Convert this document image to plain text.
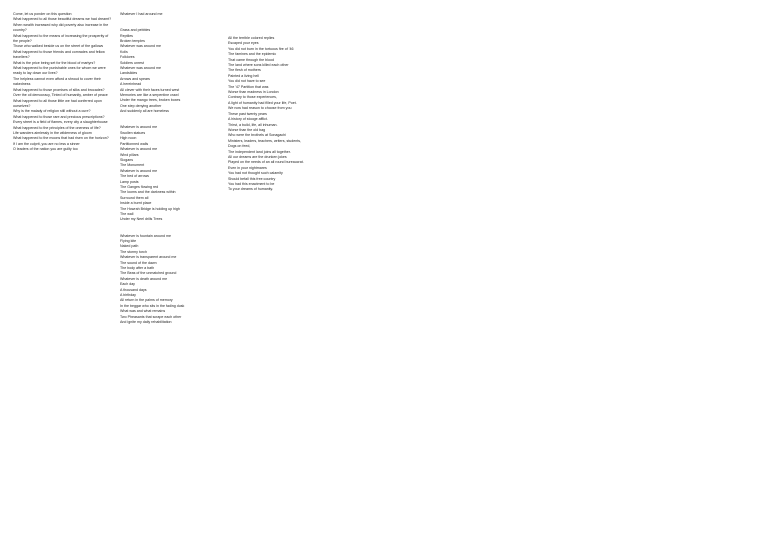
Come, let us ponder on this question
What happened to all those beautiful dreams we had dreamt?
When wealth increased why did poverty also increase in the country?
What happened to the means of increasing the prosperity of the people?
Those who walked beside us on the street of the gallows
What happened to those friends and comrades and fellow travellers?
What is the price being set for the blood of martyrs?
What happened to the punishable ones for whom we were ready to lay down our lives?
The helpless cannot even afford a shroud to cover their nakedness
What happened to those promises of silks and brocades?
Over the oil democracy, Tinted of humanity, amber of peace
What happened to all those little we had conferred upon ourselves?
Why is the malady of religion still without a cure?
What happened to those rare and precious prescriptions?
Every street is a field of flames, every city a slaughterhouse
What happened to the principles of the oneness of life?
Life wanders aimlessly in the wilderness of gloom
What happened to the moons that had risen on the horizon?
If I am the culprit, you are no less a sinner
O leaders of the nation you are guilty too
Whatever I had around me
Grass and pebbles
Reptiles
Broken temples
Whatever was around me
Kolis
Folklores
Soldiers unrest
Whatever was around me
Landslides
Arrows and spears
A hereinhead
All clever with their faces turned west
Memories are like a serpentine crawl
Under the mango trees, broken boxes
One step denying another
And suddenly all are homeless
Whatever is around me
Swollen statues
High noon
Partitionned walls
Whatever is around me
Wind pillars
Slogans
The Monument
Whatever is around me
The bed of arrows
Lamp posts
The Ganges flowing red
The looms and the darkness within
Surround them all
Inside a burnt place
The Howrah Bridge is holding up high
The wall
Under my Neel drills Trees
Whatever is fountain around me
Flying kite
Naked path
The stormy torch
Whatever is transparent around me
The sound of the dawn
The body after a bath
The Beas of the unmatched ground
Whatever is death around me
Each day
A thousand days
A birthday
All return in the palms of memory
In the beggar who sits in the fading dusk
What was and what remains
Two Pheasants that scrape each other
And ignite my daily rehabilitation
All the terrible colored replies
Escaped your eyes
You did not burn in the tortuous fire of '46
The famines and the epidemic
That came through the blood
The land where sons killed each other
The flesh of mothers
Painted a living hell
You did not have to see
The '47 Partition that was
Worse than madness in London
Contrary to those experiences,
A light of humanity had filled your life, Poet.
We now had reason to choose from you
These past twenty years
A history of stooge afflict.
Thirst, a build, life, all inhuman.
Worse than the old bag
Who were the brothels at Sonagachi
Ministers, leaders, teachers, writers, students,
Dogs on feed,
The independent land joins all together.
All our dreams are the drunken jokes
Played on the needs of an all round bureaucrat.
Even in your nightmares
You had not thought such calamity
Should befall this free country
You had this enactment to be
To your dreams of humanity.
